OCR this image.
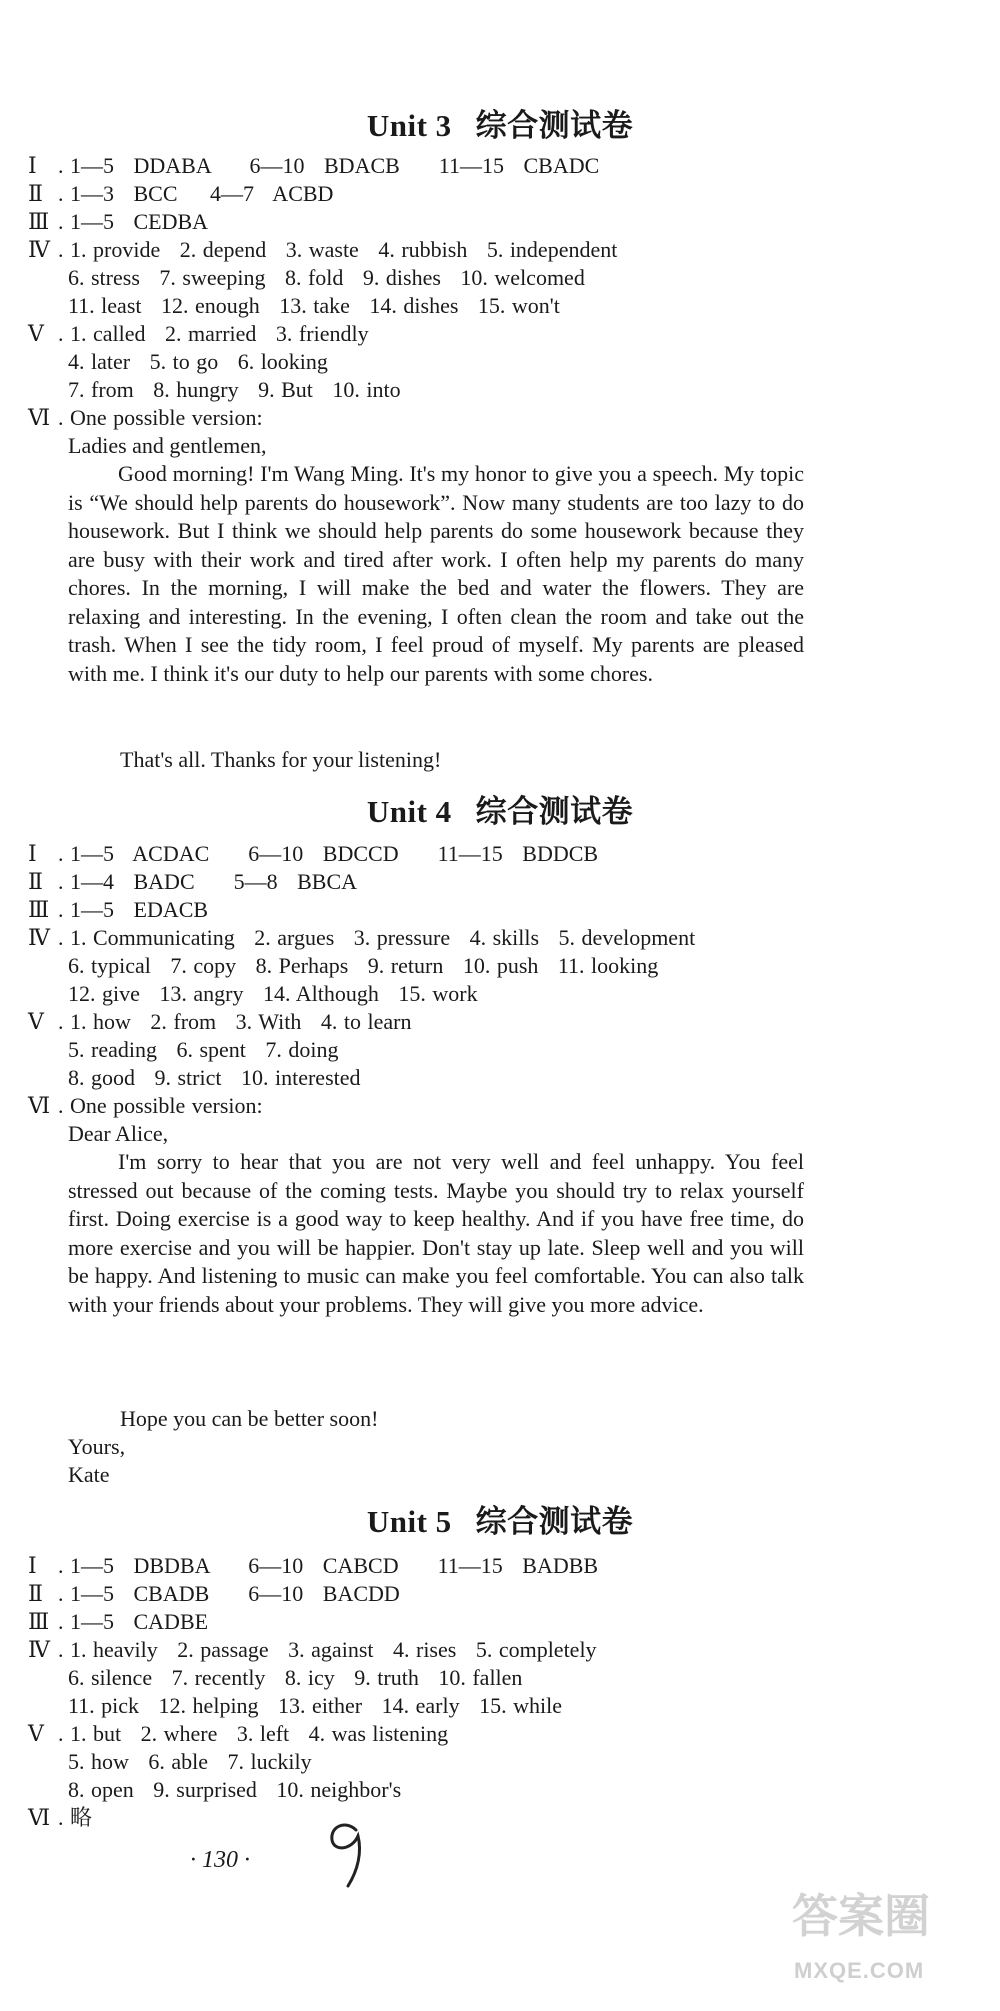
Unit 3 综合测试卷
Ⅰ . 1—5   DDABA      6—10   BDACB      11—15   CBADC
Ⅱ . 1—3   BCC     4—7   ACBD
Ⅲ . 1—5   CEDBA
Ⅳ . 1. provide   2. depend   3. waste   4. rubbish   5. independent
6. stress   7. sweeping   8. fold   9. dishes   10. welcomed
11. least   12. enough   13. take   14. dishes   15. won't
Ⅴ . 1. called   2. married   3. friendly
4. later   5. to go   6. looking
7. from   8. hungry   9. But   10. into
Ⅵ . One possible version:
Ladies and gentlemen,
Good morning! I'm Wang Ming. It's my honor to give you a speech. My topic is “We should help parents do housework”. Now many students are too lazy to do housework. But I think we should help parents do some housework because they are busy with their work and tired after work. I often help my parents do many chores. In the morning, I will make the bed and water the flowers. They are relaxing and interesting. In the evening, I often clean the room and take out the trash. When I see the tidy room, I feel proud of myself. My parents are pleased with me. I think it's our duty to help our parents with some chores.
That's all. Thanks for your listening!
Unit 4 综合测试卷
Ⅰ . 1—5   ACDAC      6—10   BDCCD      11—15   BDDCB
Ⅱ . 1—4   BADC      5—8   BBCA
Ⅲ . 1—5   EDACB
Ⅳ . 1. Communicating   2. argues   3. pressure   4. skills   5. development
6. typical   7. copy   8. Perhaps   9. return   10. push   11. looking
12. give   13. angry   14. Although   15. work
Ⅴ . 1. how   2. from   3. With   4. to learn
5. reading   6. spent   7. doing
8. good   9. strict   10. interested
Ⅵ . One possible version:
Dear Alice,
I'm sorry to hear that you are not very well and feel unhappy. You feel stressed out because of the coming tests. Maybe you should try to relax yourself first. Doing exercise is a good way to keep healthy. And if you have free time, do more exercise and you will be happier. Don't stay up late. Sleep well and you will be happy. And listening to music can make you feel comfortable. You can also talk with your friends about your problems. They will give you more advice.
Hope you can be better soon!
Yours,
Kate
Unit 5 综合测试卷
Ⅰ . 1—5   DBDBA      6—10   CABCD      11—15   BADBB
Ⅱ . 1—5   CBADB      6—10   BACDD
Ⅲ . 1—5   CADBE
Ⅳ . 1. heavily   2. passage   3. against   4. rises   5. completely
6. silence   7. recently   8. icy   9. truth   10. fallen
11. pick   12. helping   13. either   14. early   15. while
Ⅴ . 1. but   2. where   3. left   4. was listening
5. how   6. able   7. luckily
8. open   9. surprised   10. neighbor's
Ⅵ . 略
· 130 ·
答案圈
MXQE.COM
